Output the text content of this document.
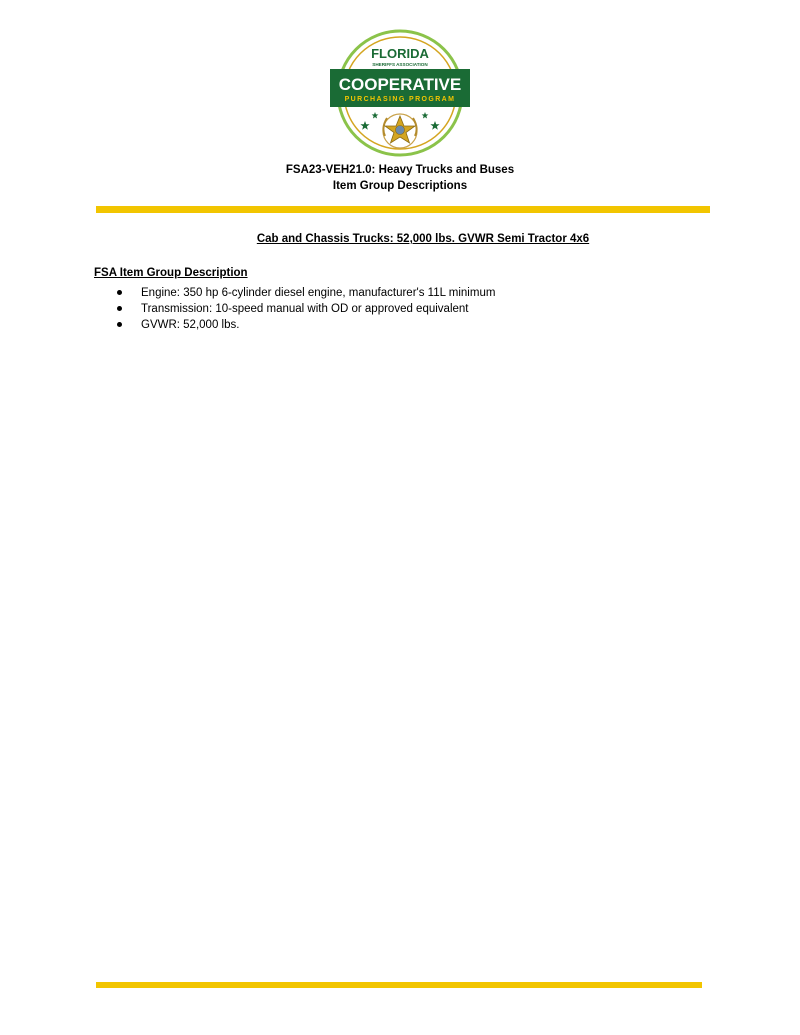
FLORIDA
SHERIFFS ASSOCIATION
COOPERATIVE
PURCHASING PROGRAM
FSA23-VEH21.0: Heavy Trucks and Buses
Item Group Descriptions
Cab and Chassis Trucks: 52,000 lbs. GVWR Semi Tractor 4x6
FSA Item Group Description
Engine: 350 hp 6-cylinder diesel engine, manufacturer's 11L minimum
Transmission: 10-speed manual with OD or approved equivalent
GVWR: 52,000 lbs.
